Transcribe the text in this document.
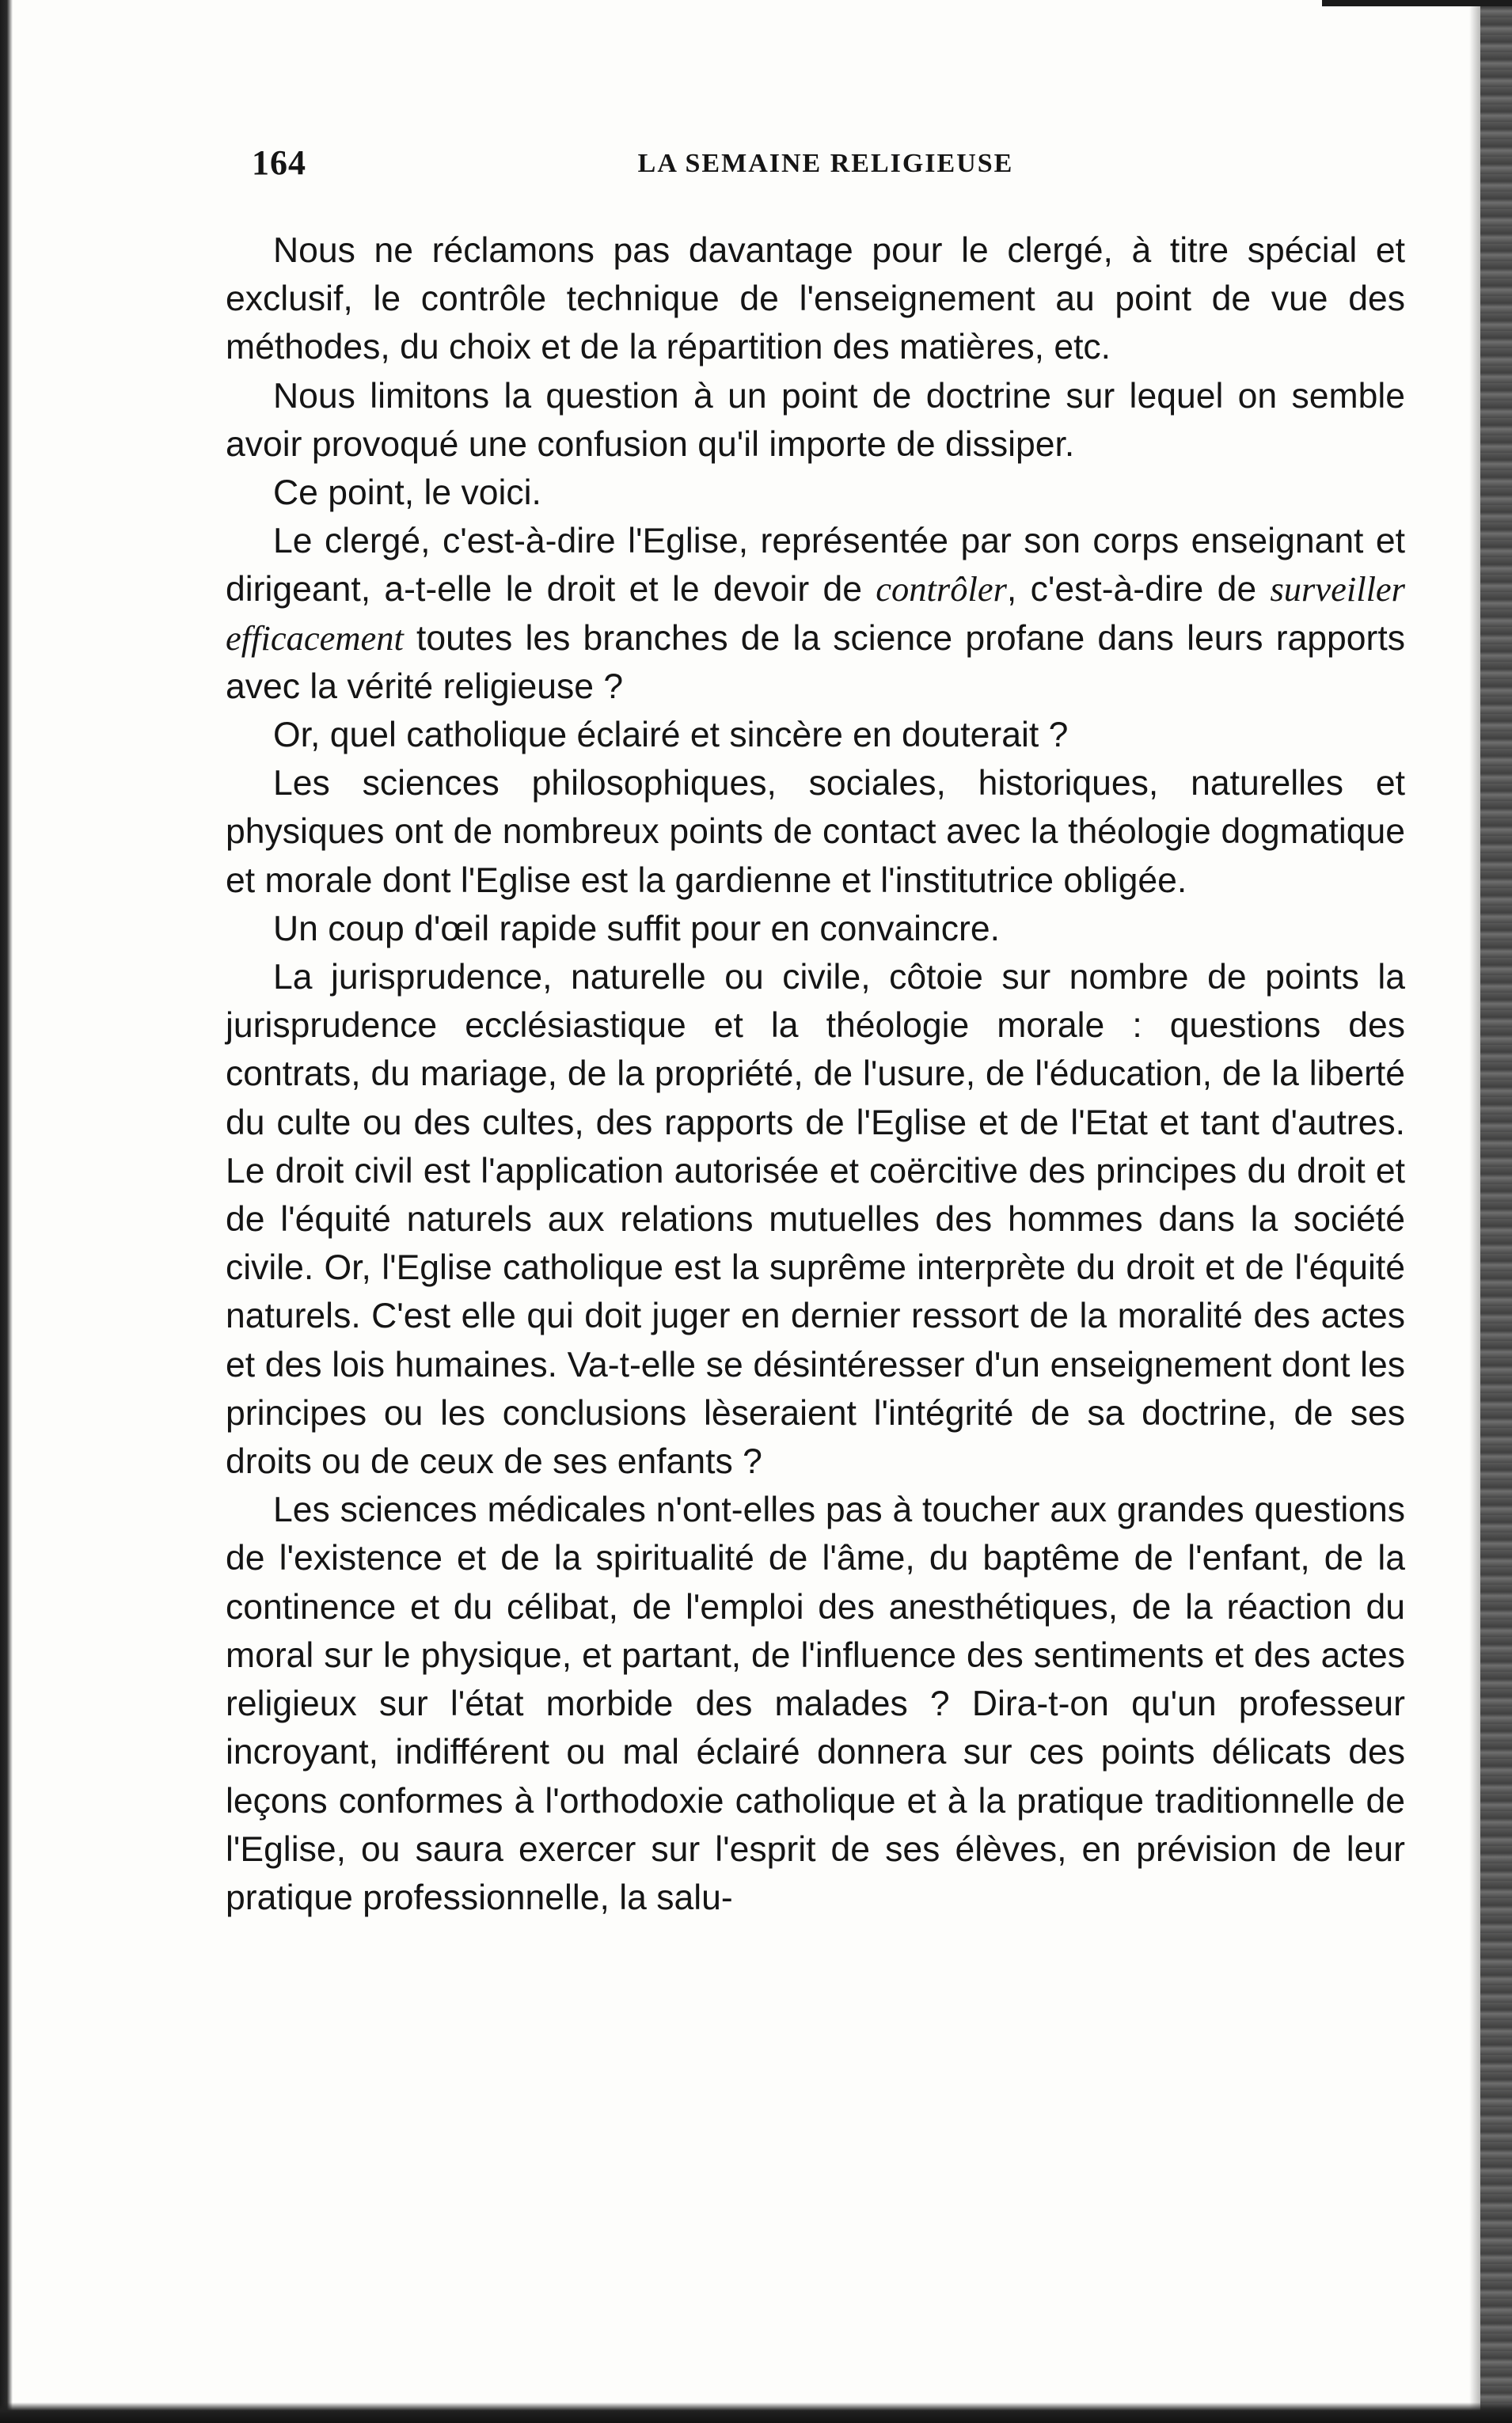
164	LA SEMAINE RELIGIEUSE

Nous ne réclamons pas davantage pour le clergé, à titre spécial et exclusif, le contrôle technique de l'enseignement au point de vue des méthodes, du choix et de la répartition des matières, etc.

Nous limitons la question à un point de doctrine sur lequel on semble avoir provoqué une confusion qu'il importe de dissiper.

Ce point, le voici.

Le clergé, c'est-à-dire l'Eglise, représentée par son corps enseignant et dirigeant, a-t-elle le droit et le devoir de contrôler, c'est-à-dire de surveiller efficacement toutes les branches de la science profane dans leurs rapports avec la vérité religieuse ?

Or, quel catholique éclairé et sincère en douterait ?

Les sciences philosophiques, sociales, historiques, naturelles et physiques ont de nombreux points de contact avec la théologie dogmatique et morale dont l'Eglise est la gardienne et l'institutrice obligée.

Un coup d'œil rapide suffit pour en convaincre.

La jurisprudence, naturelle ou civile, côtoie sur nombre de points la jurisprudence ecclésiastique et la théologie morale : questions des contrats, du mariage, de la propriété, de l'usure, de l'éducation, de la liberté du culte ou des cultes, des rapports de l'Eglise et de l'Etat et tant d'autres. Le droit civil est l'application autorisée et coërcitive des principes du droit et de l'équité naturels aux relations mutuelles des hommes dans la société civile. Or, l'Eglise catholique est la suprême interprète du droit et de l'équité naturels. C'est elle qui doit juger en dernier ressort de la moralité des actes et des lois humaines. Va-t-elle se désintéresser d'un enseignement dont les principes ou les conclusions lèseraient l'intégrité de sa doctrine, de ses droits ou de ceux de ses enfants ?

Les sciences médicales n'ont-elles pas à toucher aux grandes questions de l'existence et de la spiritualité de l'âme, du baptême de l'enfant, de la continence et du célibat, de l'emploi des anesthétiques, de la réaction du moral sur le physique, et partant, de l'influence des sentiments et des actes religieux sur l'état morbide des malades ? Dira-t-on qu'un professeur incroyant, indifférent ou mal éclairé donnera sur ces points délicats des leçons conformes à l'orthodoxie catholique et à la pratique traditionnelle de l'Eglise, ou saura exercer sur l'esprit de ses élèves, en prévision de leur pratique professionnelle, la salu-
